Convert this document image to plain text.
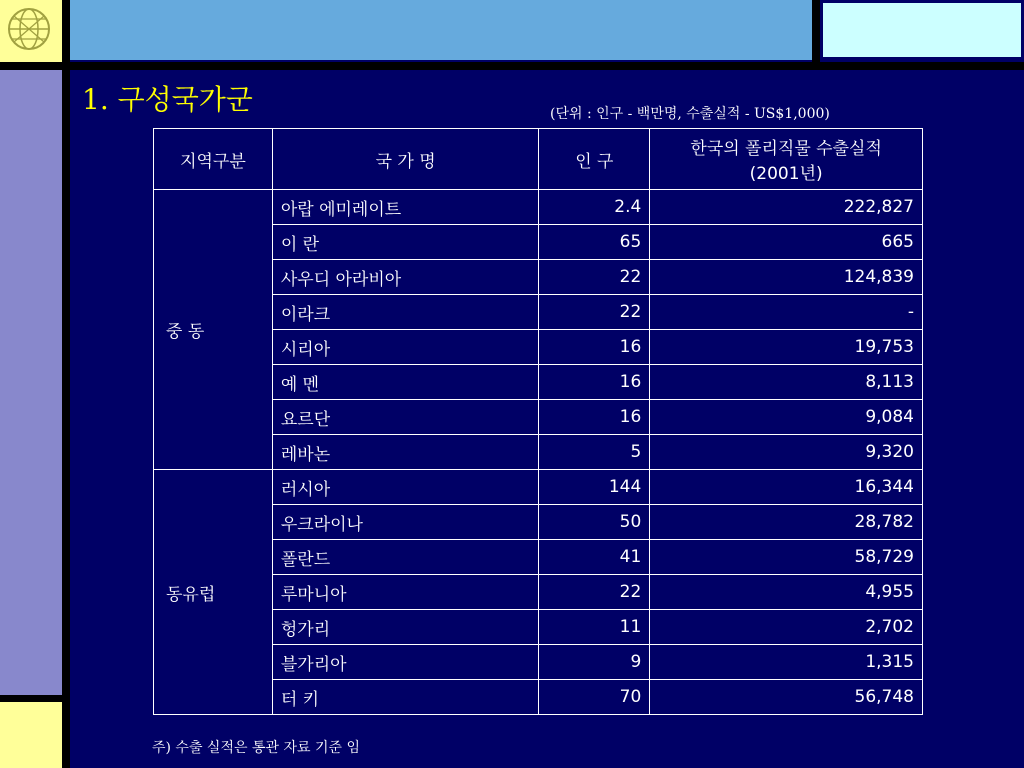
1. 구성국가군	(단위 : 인구 - 백만명, 수출실적 - US$1,000)
지역구분	국 가 명	인 구	한국의 폴리직물 수출실적
(2001년)

중 동	아랍 에미레이트	2.4	222,827
	이 란	65	665
	사우디 아라비아	22	124,839
	이라크	22	-
	시리아	16	19,753
	예 멘	16	8,113
	요르단	16	9,084
	레바논	5	9,320
동유럽	러시아	144	16,344
	우크라이나	50	28,782
	폴란드	41	58,729
	루마니아	22	4,955
	헝가리	11	2,702
	블가리아	9	1,315
	터 키	70	56,748
주) 수출 실적은 통관 자료 기준 임
